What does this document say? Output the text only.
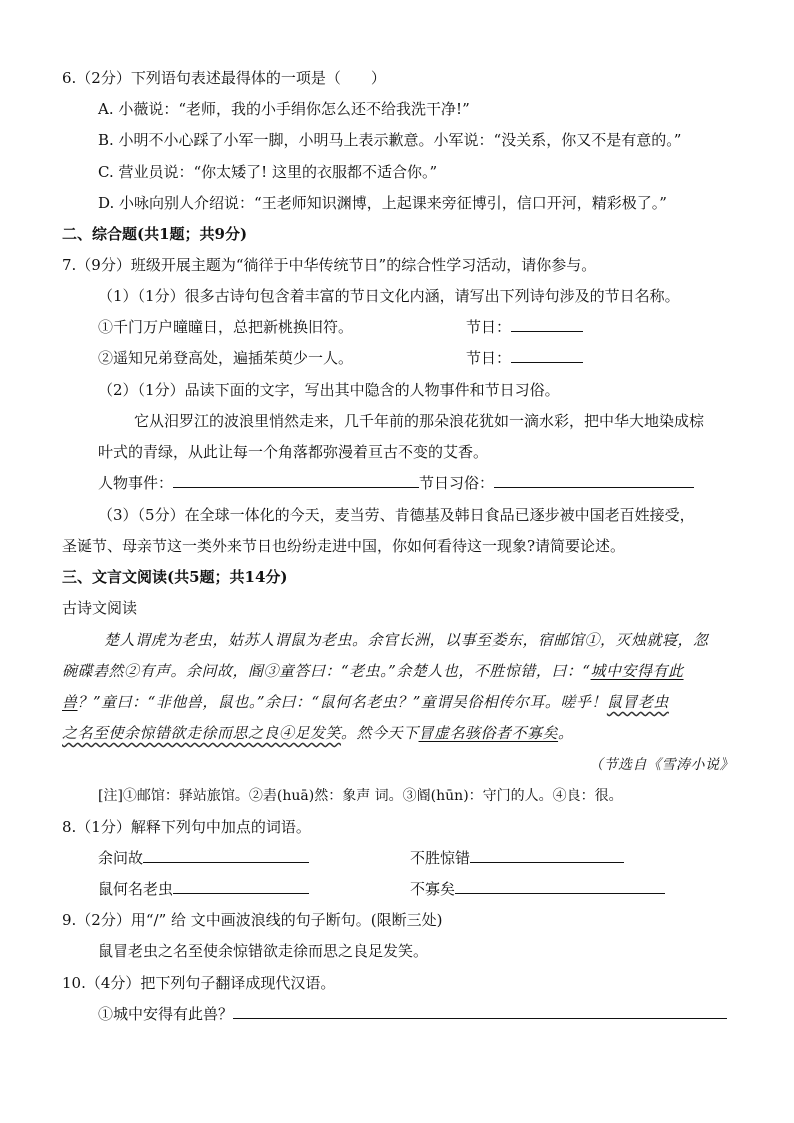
6.（2分）下列语句表述最得体的一项是（　　）
A. 小薇说：“老师，我的小手绢你怎么还不给我洗干净!”
B. 小明不小心踩了小军一脚，小明马上表示歉意。小军说：“没关系，你又不是有意的。”
C. 营业员说：“你太矮了! 这里的衣服都不适合你。”
D. 小咏向别人介绍说：“王老师知识渊博，上起课来旁征博引，信口开河，精彩极了。”
二、综合题(共1题；共9分)
7.（9分）班级开展主题为“徜徉于中华传统节日”的综合性学习活动，请你参与。
（1）（1分）很多古诗句包含着丰富的节日文化内涵，请写出下列诗句涉及的节日名称。
①千门万户曈曈日，总把新桃换旧符。	节日：
②遥知兄弟登高处，遍插茱萸少一人。	节日：
（2）（1分）品读下面的文字，写出其中隐含的人物事件和节日习俗。
它从汨罗江的波浪里悄然走来，几千年前的那朵浪花犹如一滴水彩，把中华大地染成棕
叶式的青绿，从此让每一个角落都弥漫着亘古不变的艾香。
人物事件：	节日习俗：
（3）（5分）在全球一体化的今天，麦当劳、肯德基及韩日食品已逐步被中国老百姓接受，
圣诞节、母亲节这一类外来节日也纷纷走进中国，你如何看待这一现象?请简要论述。
三、文言文阅读(共5题；共14分)
古诗文阅读
楚人谓虎为老虫，姑苏人谓鼠为老虫。余官长洲，以事至娄东，宿邮馆①，灭烛就寝，忽
碗碟砉然②有声。余问故，阍③童答曰：“老虫。”余楚人也，不胜惊错，曰：“城中安得有此
兽？”童曰：“非他兽，鼠也。”余曰：“鼠何名老虫？”童谓吴俗相传尔耳。嗟乎！鼠冒老虫
之名至使余惊错欲走徐而思之良④足发笑。然今天下冒虚名骇俗者不寡矣。
（节选自《雪涛小说》
[注]①邮馆：驿站旅馆。②砉(huā)然：象声 词。③阍(hūn)：守门的人。④良：很。
8.（1分）解释下列句中加点的词语。
余问故	不胜惊错
鼠何名老虫	不寡矣
9.（2分）用“/” 给 文中画波浪线的句子断句。(限断三处)
鼠冒老虫之名至使余惊错欲走徐而思之良足发笑。
10.（4分）把下列句子翻译成现代汉语。
①城中安得有此兽？
